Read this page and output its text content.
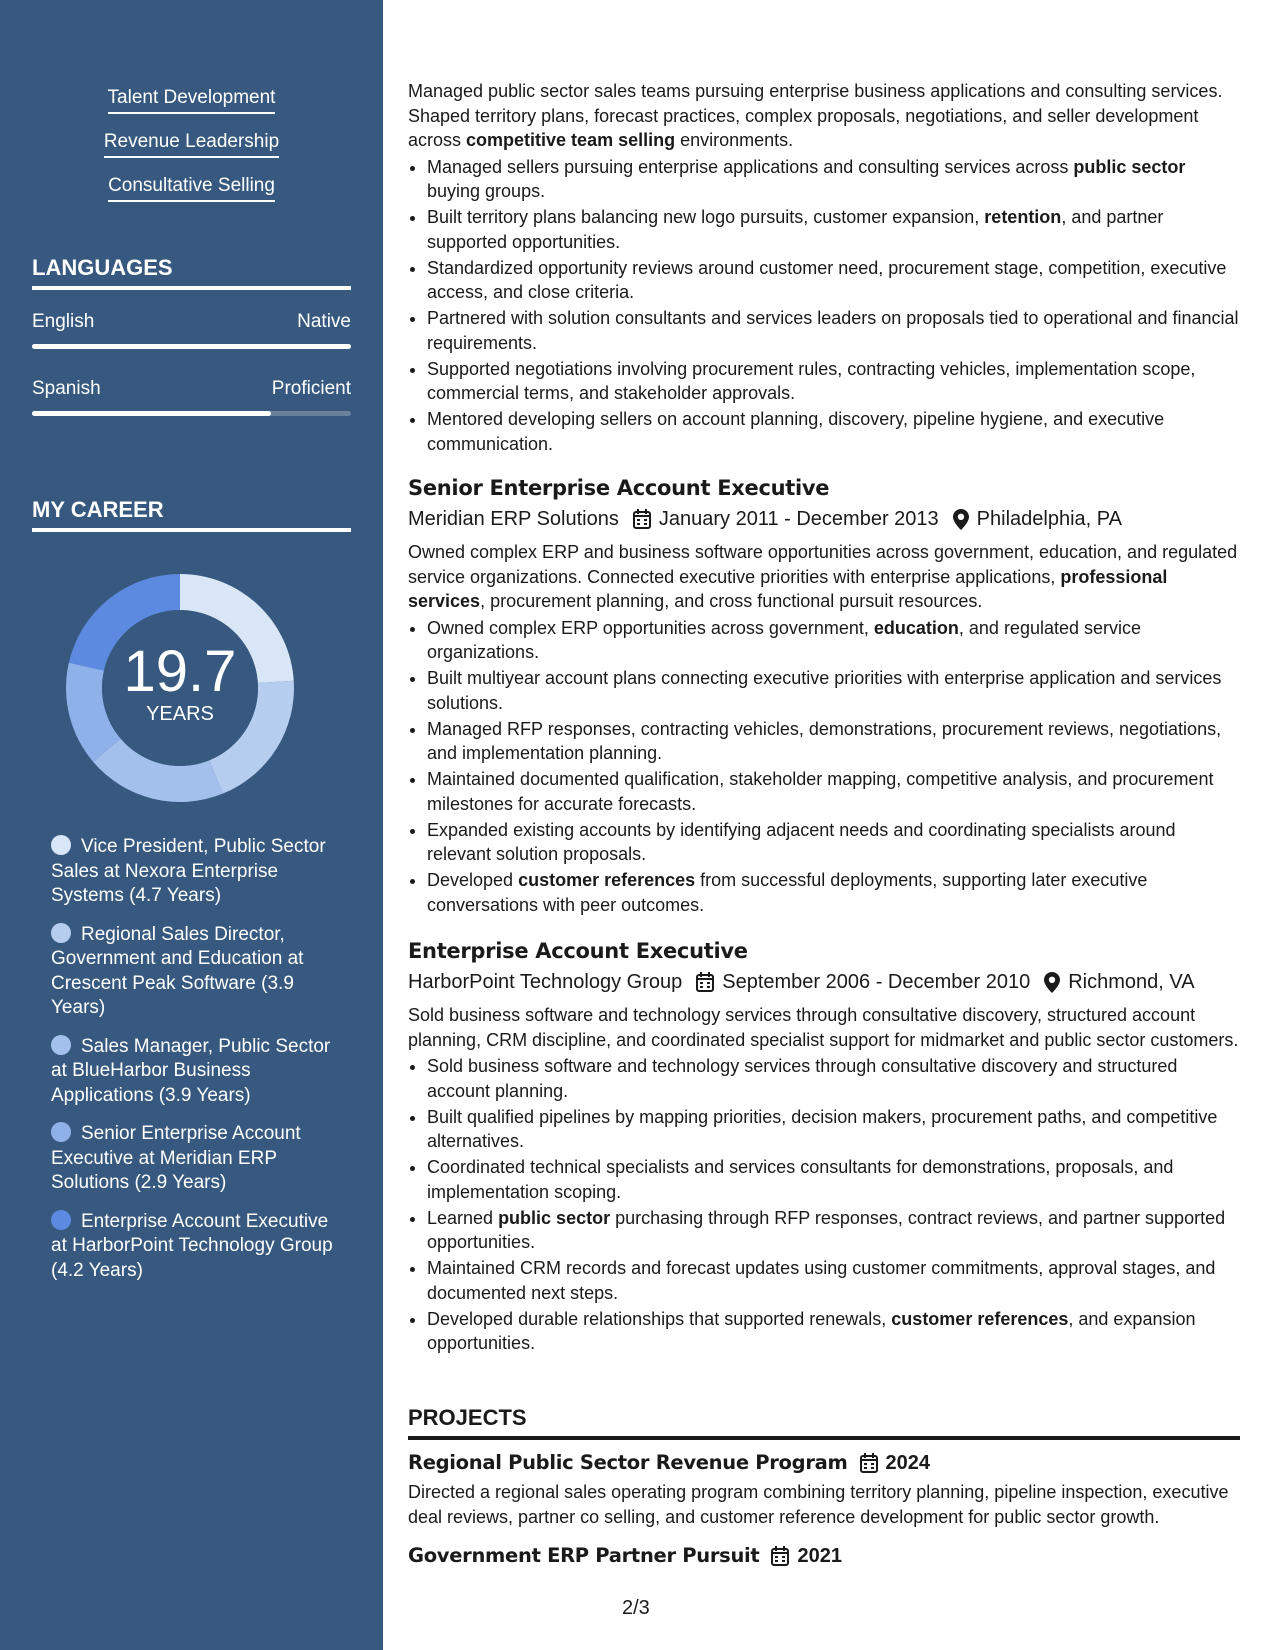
Talent Development
Revenue Leadership
Consultative Selling
LANGUAGES
English	Native
Spanish	Proficient
MY CAREER
19.7
YEARS
Vice President, Public Sector Sales at Nexora Enterprise Systems (4.7 Years)
Regional Sales Director, Government and Education at Crescent Peak Software (3.9 Years)
Sales Manager, Public Sector at BlueHarbor Business Applications (3.9 Years)
Senior Enterprise Account Executive at Meridian ERP Solutions (2.9 Years)
Enterprise Account Executive at HarborPoint Technology Group (4.2 Years)

Managed public sector sales teams pursuing enterprise business applications and consulting services. Shaped territory plans, forecast practices, complex proposals, negotiations, and seller development across competitive team selling environments.

• Managed sellers pursuing enterprise applications and consulting services across public sector buying groups.
• Built territory plans balancing new logo pursuits, customer expansion, retention, and partner supported opportunities.
• Standardized opportunity reviews around customer need, procurement stage, competition, executive access, and close criteria.
• Partnered with solution consultants and services leaders on proposals tied to operational and financial requirements.
• Supported negotiations involving procurement rules, contracting vehicles, implementation scope, commercial terms, and stakeholder approvals.
• Mentored developing sellers on account planning, discovery, pipeline hygiene, and executive communication.
Senior Enterprise Account Executive
Meridian ERP Solutions January 2011 - December 2013 Philadelphia, PA

Owned complex ERP and business software opportunities across government, education, and regulated service organizations. Connected executive priorities with enterprise applications, professional services, procurement planning, and cross functional pursuit resources.

• Owned complex ERP opportunities across government, education, and regulated service organizations.
• Built multiyear account plans connecting executive priorities with enterprise application and services solutions.
• Managed RFP responses, contracting vehicles, demonstrations, procurement reviews, negotiations, and implementation planning.
• Maintained documented qualification, stakeholder mapping, competitive analysis, and procurement milestones for accurate forecasts.
• Expanded existing accounts by identifying adjacent needs and coordinating specialists around relevant solution proposals.
• Developed customer references from successful deployments, supporting later executive conversations with peer outcomes.
Enterprise Account Executive
HarborPoint Technology Group September 2006 - December 2010 Richmond, VA

Sold business software and technology services through consultative discovery, structured account planning, CRM discipline, and coordinated specialist support for midmarket and public sector customers.

• Sold business software and technology services through consultative discovery and structured account planning.
• Built qualified pipelines by mapping priorities, decision makers, procurement paths, and competitive alternatives.
• Coordinated technical specialists and services consultants for demonstrations, proposals, and implementation scoping.
• Learned public sector purchasing through RFP responses, contract reviews, and partner supported opportunities.
• Maintained CRM records and forecast updates using customer commitments, approval stages, and documented next steps.
• Developed durable relationships that supported renewals, customer references, and expansion opportunities.
PROJECTS
Regional Public Sector Revenue Program 2024

Directed a regional sales operating program combining territory planning, pipeline inspection, executive deal reviews, partner co selling, and customer reference development for public sector growth.

Government ERP Partner Pursuit 2021
2/3
